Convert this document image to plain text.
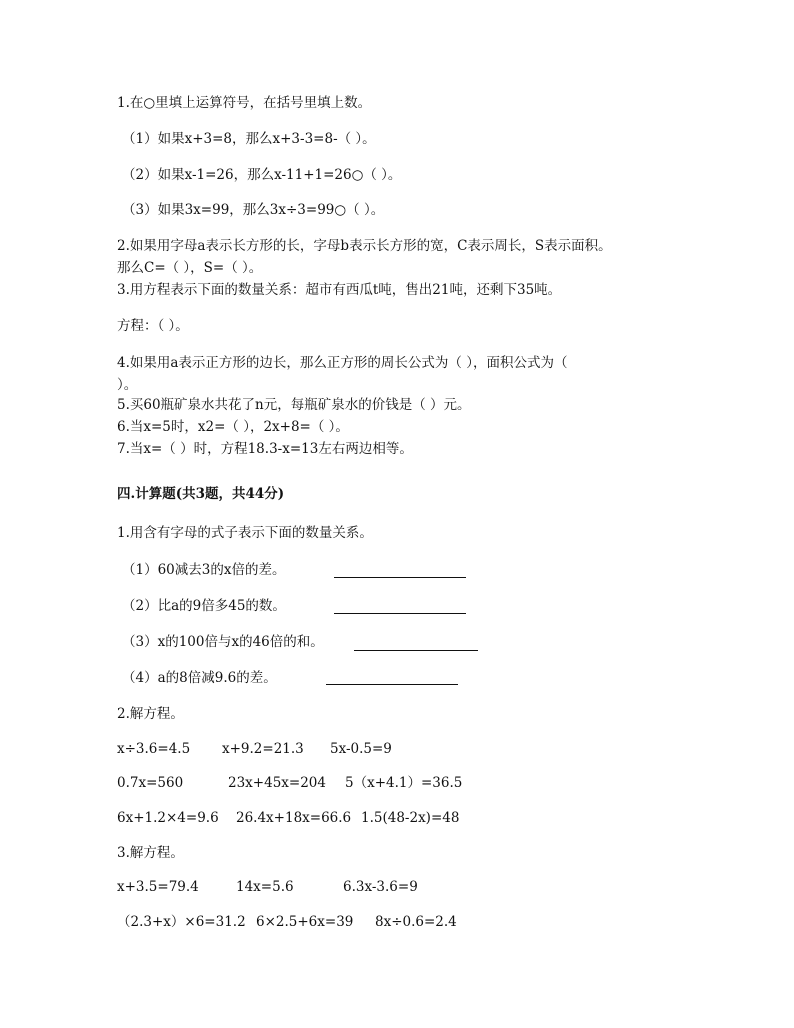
1.在○里填上运算符号，在括号里填上数。
（1）如果x+3=8，那么x+3-3=8-（ ）。
（2）如果x-1=26，那么x-11+1=26○（ ）。
（3）如果3x=99，那么3x÷3=99○（ ）。
2.如果用字母a表示长方形的长，字母b表示长方形的宽，C表示周长，S表示面积。
那么C=（ ），S=（ ）。
3.用方程表示下面的数量关系：超市有西瓜t吨，售出21吨，还剩下35吨。
方程：（ ）。
4.如果用a表示正方形的边长，那么正方形的周长公式为（ ），面积公式为（
）。
5.买60瓶矿泉水共花了n元，每瓶矿泉水的价钱是（ ）元。
6.当x=5时，x2=（ ），2x+8=（ ）。
7.当x=（ ）时，方程18.3-x=13左右两边相等。
四.计算题(共3题，共44分)
1.用含有字母的式子表示下面的数量关系。
（1）60减去3的x倍的差。
（2）比a的9倍多45的数。
（3）x的100倍与x的46倍的和。
（4）a的8倍减9.6的差。
2.解方程。
x÷3.6=4.5 x+9.2=21.3 5x-0.5=9
0.7x=560	23x+45x=204 5（x+4.1）=36.5
6x+1.2×4=9.6 26.4x+18x=66.6 1.5(48-2x)=48
3.解方程。
x+3.5=79.4	14x=5.6	6.3x-3.6=9
（2.3+x）×6=31.2 6×2.5+6x=39 8x÷0.6=2.4
